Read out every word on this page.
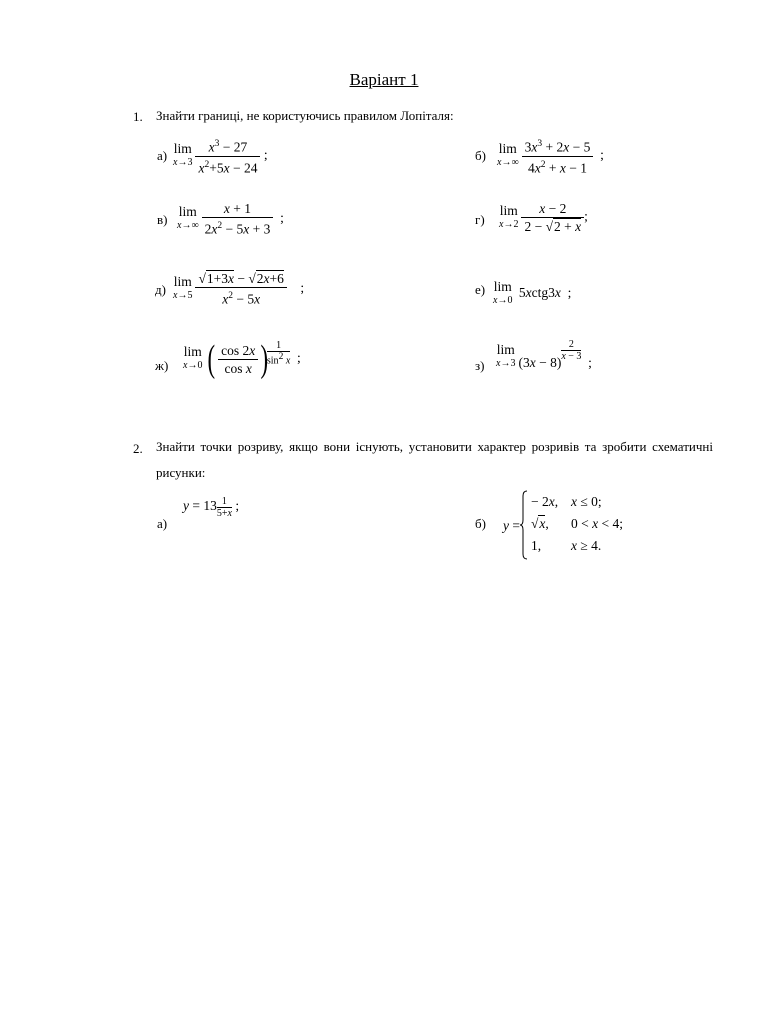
Варіант 1
1. Знайти границі, не користуючись правилом Лопіталя:
а) lim
$x\to 3 \frac{x^3 - 27}{x^2+5x - 24}$ ;	б) lim
$x\to\infty \frac{3x^3 + 2x - 5}{4x^2 + x - 1}$ ;
в)
lim
$x\to\infty \frac{x + 1}{2x^2 - 5x + 3}$ ;	г)
lim
$x\to 2 \frac{x - 2}{2 - √2 + x}$ ;
д)
lim
$x\to 5 \frac{√1+3x - √2x+6}{x^2 - 5x}$ ;	е) lim
x→0
5xctg3x  ;
ж)
lim
x→0 ( $\frac{\cos 2x}{\text{cos x}}$ )
$\frac{1}{\sin^2 x}$ ;
з)
lim
x→3 (3x − 8)
$\frac{2}{x - 3}$
;
2. Знайти точки розриву, якщо вони існують, установити характер розривів та зробити схематичні рисунки:
а)
$y = 13 \frac{1}{5+x}$ ;
б) y =
− 2x, x ≤ 0;
√x, 0 < x < 4;
1, x ≥ 4.
